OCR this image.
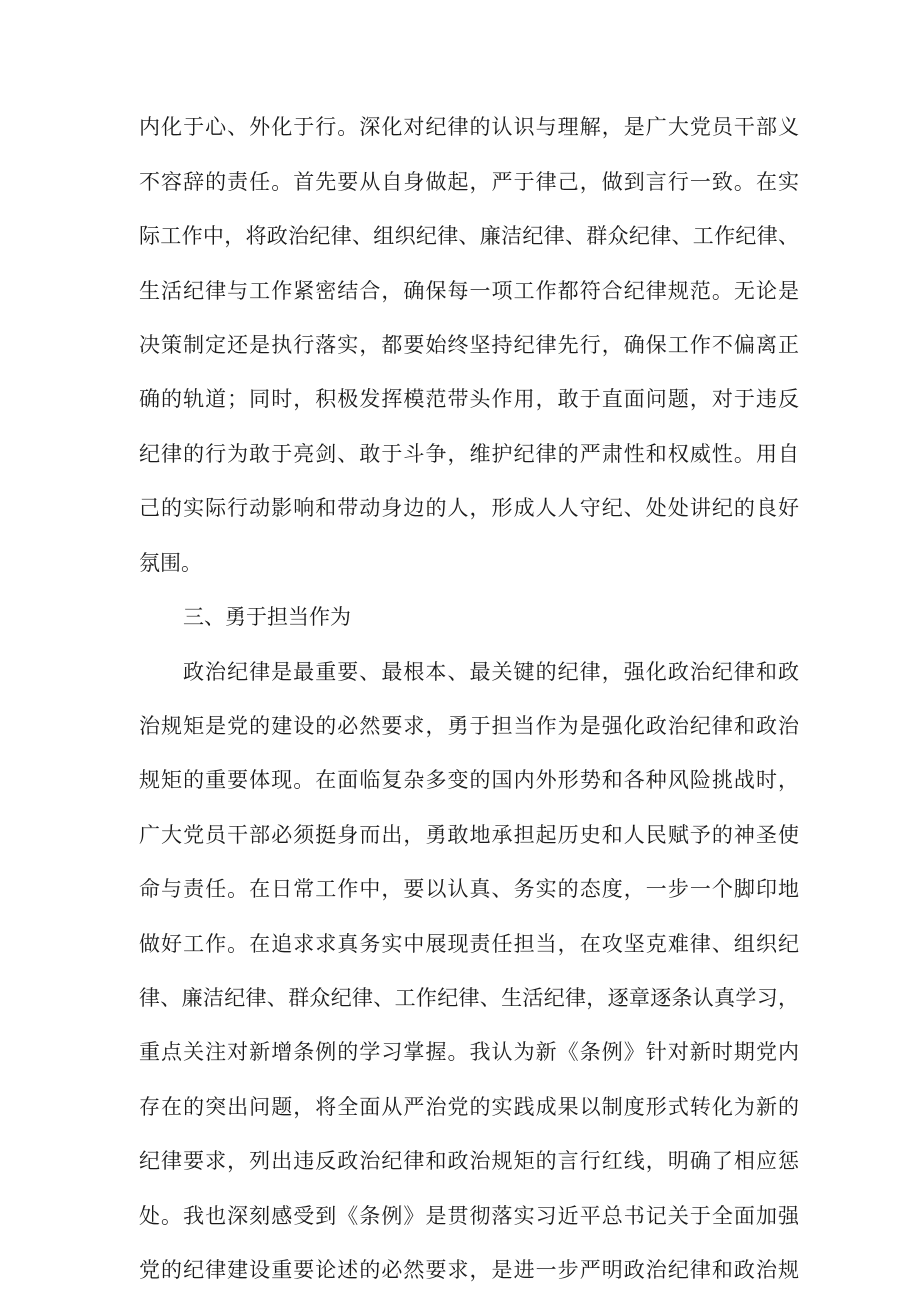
内化于心、外化于行。深化对纪律的认识与理解，是广大党员干部义
不容辞的责任。首先要从自身做起，严于律己，做到言行一致。在实
际工作中，将政治纪律、组织纪律、廉洁纪律、群众纪律、工作纪律、
生活纪律与工作紧密结合，确保每一项工作都符合纪律规范。无论是
决策制定还是执行落实，都要始终坚持纪律先行，确保工作不偏离正
确的轨道；同时，积极发挥模范带头作用，敢于直面问题，对于违反
纪律的行为敢于亮剑、敢于斗争，维护纪律的严肃性和权威性。用自
己的实际行动影响和带动身边的人，形成人人守纪、处处讲纪的良好
氛围。
三、勇于担当作为
政治纪律是最重要、最根本、最关键的纪律，强化政治纪律和政
治规矩是党的建设的必然要求，勇于担当作为是强化政治纪律和政治
规矩的重要体现。在面临复杂多变的国内外形势和各种风险挑战时，
广大党员干部必须挺身而出，勇敢地承担起历史和人民赋予的神圣使
命与责任。在日常工作中，要以认真、务实的态度，一步一个脚印地
做好工作。在追求求真务实中展现责任担当，在攻坚克难律、组织纪
律、廉洁纪律、群众纪律、工作纪律、生活纪律，逐章逐条认真学习，
重点关注对新增条例的学习掌握。我认为新《条例》针对新时期党内
存在的突出问题，将全面从严治党的实践成果以制度形式转化为新的
纪律要求，列出违反政治纪律和政治规矩的言行红线，明确了相应惩
处。我也深刻感受到《条例》是贯彻落实习近平总书记关于全面加强
党的纪律建设重要论述的必然要求，是进一步严明政治纪律和政治规
